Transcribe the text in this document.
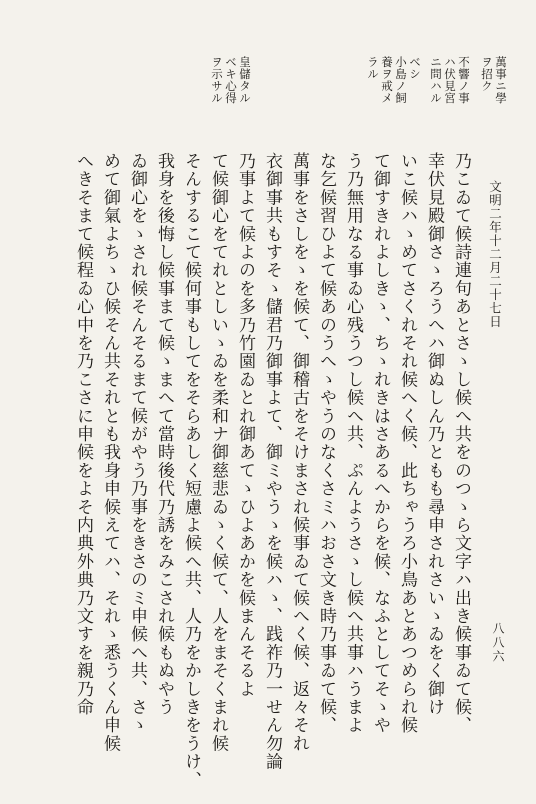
萬事ニ學
ヲ招ク
不響ノ事
ハ伏見宮
ニ問ハル
ベシ
小島ノ飼
養ヲ戒メ
ラル
皇儲タル
ベキ心得
ヲ示サル
文明二年十二月二十七日
八八六
乃こゐて候詩連句あとさゝし候へ共をのつゝら文字ハ出き候事ゐて候、
幸伏見殿御さゝろうへハ御ぬしん乃ともも尋申されさいゝゐをく御け
いこ候ハゝめてさくれそれ候へく候、此ちゃうろ小鳥あとあつめられ候
て御すきれよしきゝ、ちゝれきはさあるへからを候、なふとしてそゝや
う乃無用なる事ゐ心残うつし候へ共、ぷんようさゝし候へ共事ハうまよ
な乞候習ひよて候あのうへゝやうのなくさミハおさ文き時乃事ゐて候、
萬事をさしをゝを候て、御稽古をそけまされ候事ゐて候へく候、返々それ
衣御事共もすそゝ儲君乃御事よて、御ミやうゝを候ハゝ、践祚乃一せん勿論
乃事よて候よのを多乃竹園ゐとれ御あてゝひよあかを候まんそるよ
て候御心をてれとしいゝゐを柔和ナ御慈悲ゐゝく候て、人をまそくまれ候
そんするこて候何事もしてをそらあしく短慮よ候へ共、人乃をかしきをうけ、
我身を後悔し候事まて候ゝまへて當時後代乃誘をみこされ候もぬやう
ゐ御心をゝされ候そんそるまて候がやう乃事をきさのミ申候へ共、さゝ
めて御氣よちゝひ候そん共それとも我身申候えてハ、それゝ悉うくん申候
へきそまて候程ゐ心中を乃こさに申候をよそ内典外典乃文すを親乃命
